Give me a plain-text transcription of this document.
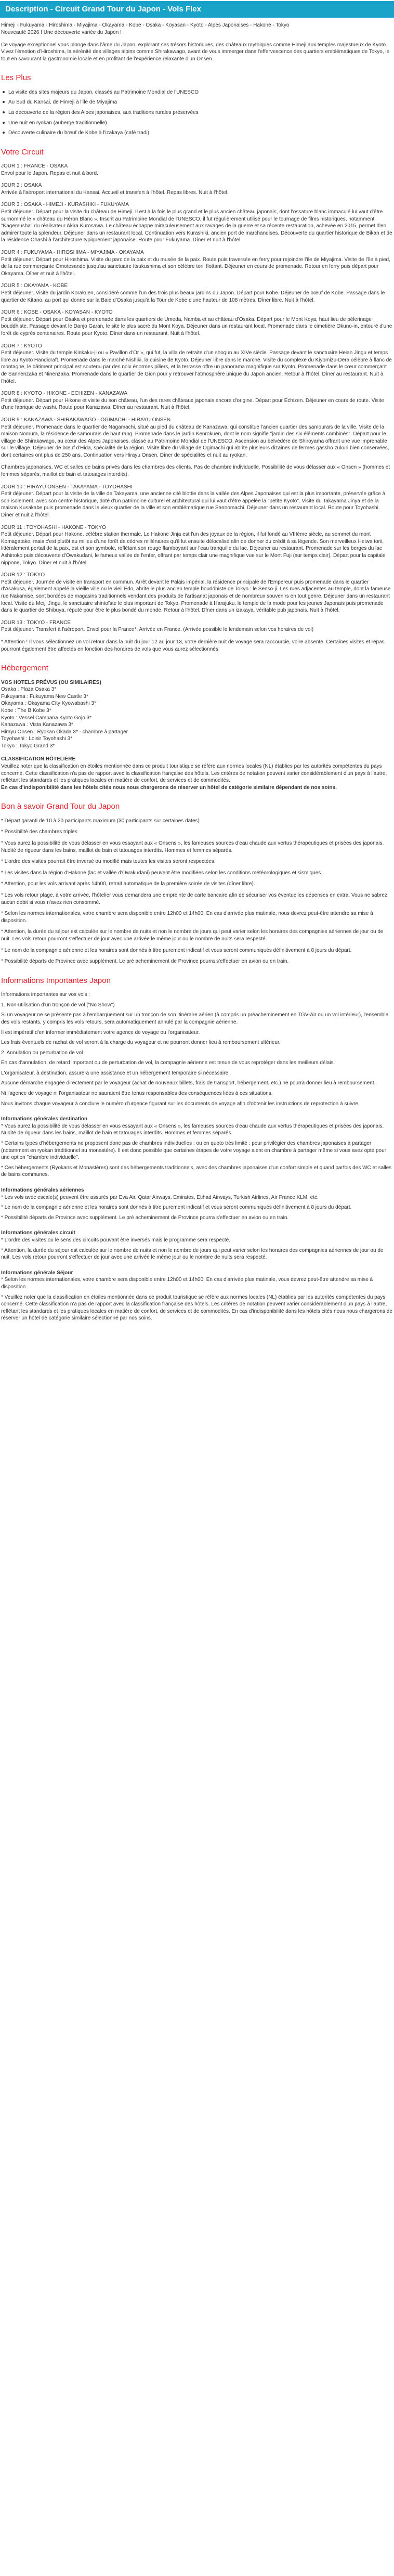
Description - Circuit Grand Tour du Japon - Vols Flex

Himeji - Fukuyama - Hiroshima - Miyajima - Okayama - Kobe - Osaka - Koyasan - Kyoto - Alpes Japonaises - Hakone - Tokyo

Nouveauté 2026 ! Une découverte variée du Japon !

Ce voyage exceptionnel vous plonge dans l'âme du Japon, explorant ses trésors historiques, des châteaux mythiques comme Himeji aux temples majestueux de Kyoto. Vivez l'émotion d'Hiroshima, la sérénité des villages alpins comme Shirakawago, avant de vous immerger dans l'effervescence des quartiers emblématiques de Tokyo, le tout en savourant la gastronomie locale et en profitant de l'expérience relaxante d'un Onsen.

Les Plus
La visite des sites majeurs du Japon, classés au Patrimoine Mondial de l'UNESCO
Au Sud du Kansai, de Himeji à l'île de Miyajima
La découverte de la région des Alpes japonaises, aux traditions rurales préservées
Une nuit en ryokan (auberge traditionnelle)
Découverte culinaire du bœuf de Kobe à l'izakaya (café tradi)
Votre Circuit
JOUR 1 : FRANCE - OSAKA
Envol pour le Japon. Repas et nuit à bord.
JOUR 2 : OSAKA
Arrivée à l'aéroport international du Kansai. Accueil et transfert à l'hôtel. Repas libres. Nuit à l'hôtel.
JOUR 3 : OSAKA - HIMEJI - KURASHIKI - FUKUYAMA
Petit déjeuner. Départ pour la visite du château de Himeji. Il est à la fois le plus grand et le plus ancien château japonais, dont l'ossature blanc immaculé lui vaut d'être surnommé le « château du Héron Blanc ». Inscrit au Patrimoine Mondial de l'UNESCO, il fut régulièrement utilisé pour le tournage de films historiques, notamment "Kagemusha" du réalisateur Akira Kurosawa. Le château échappe miraculeusement aux ravages de la guerre et sa récente restauration, achevée en 2015, permet d'en admirer toute la splendeur. Déjeuner dans un restaurant local. Continuation vers Kurashiki, ancien port de marchandises. Découverte du quartier historique de Bikan et de la résidence Ohashi à l'architecture typiquement japonaise. Route pour Fukuyama. Dîner et nuit à l'hôtel.
JOUR 4 : FUKUYAMA - HIROSHIMA - MIYAJIMA - OKAYAMA
Petit déjeuner. Départ pour Hiroshima. Visite du parc de la paix et du musée de la paix. Route puis traversée en ferry pour rejoindre l'île de Miyajima. Visite de l'île à pied, de la rue commerçante Omotesando jusqu'au sanctuaire Itsukushima et son célèbre torii flottant. Déjeuner en cours de promenade. Retour en ferry puis départ pour Okayama. Dîner et nuit à l'hôtel.
JOUR 5 : OKAYAMA - KOBE
Petit déjeuner. Visite du jardin Korakuen, considéré comme l'un des trois plus beaux jardins du Japon. Départ pour Kobe. Déjeuner de bœuf de Kobe. Passage dans le quartier de Kitano, au port qui donne sur la Baie d'Osaka jusqu'à la Tour de Kobe d'une hauteur de 108 mètres. Dîner libre. Nuit à l'hôtel.
JOUR 6 : KOBE - OSAKA - KOYASAN - KYOTO
Petit déjeuner. Départ pour Osaka et promenade dans les quartiers de Umeda, Namba et au château d'Osaka. Départ pour le Mont Koya, haut lieu de pèlerinage bouddhiste. Passage devant le Danjo Garan, le site le plus sacré du Mont Koya. Déjeuner dans un restaurant local. Promenade dans le cimetière Okuno-in, entouré d'une forêt de cyprès centenaires. Route pour Kyoto. Dîner dans un restaurant. Nuit à l'hôtel.
JOUR 7 : KYOTO
Petit déjeuner. Visite du temple Kinkaku-ji ou « Pavillon d'Or », qui fut, la villa de retraite d'un shogun au XIVe siècle. Passage devant le sanctuaire Heian Jingu et temps libre au Kyoto Handicraft. Promenade dans le marché Nishiki, la cuisine de Kyoto. Déjeuner libre dans le marché. Visite du complexe du Kiyomizu-Dera célèbre à flanc de montagne, le bâtiment principal est soutenu par des noix énormes piliers, et la terrasse offre un panorama magnifique sur Kyoto. Promenade dans le cœur commerçant de Sannenzaka et Ninenzaka. Promenade dans le quartier de Gion pour y retrouver l'atmosphère unique du Japon ancien. Retour à l'hôtel. Dîner au restaurant. Nuit à l'hôtel.
JOUR 8 : KYOTO - HIKONE - ECHIZEN - KANAZAWA
Petit déjeuner. Départ pour Hikone et visite du son château, l'un des rares châteaux japonais encore d'origine. Départ pour Echizen. Déjeuner en cours de route. Visite d'une fabrique de washi. Route pour Kanazawa. Dîner au restaurant. Nuit à l'hôtel.
JOUR 9 : KANAZAWA - SHIRAKAWAGO - OGIMACHI - HIRAYU ONSEN
Petit déjeuner. Promenade dans le quartier de Nagamachi, situé au pied du château de Kanazawa, qui constitue l'ancien quartier des samouraïs de la ville. Visite de la maison Nomura, la résidence de samouraïs de haut rang. Promenade dans le jardin Kenrokuen, dont le nom signifie "jardin des six éléments combinés". Départ pour le village de Shirakawago, au cœur des Alpes Japonaises, classé au Patrimoine Mondial de l'UNESCO. Ascension au belvédère de Shiroyama offrant une vue imprenable sur le village. Déjeuner de bœuf d'Hida, spécialité de la région. Visite libre du village de Ogimachi qui abrite plusieurs dizaines de fermes gassho zukuri bien conservées, dont certaines ont plus de 250 ans. Continuation vers Hirayu Onsen. Dîner de spécialités et nuit au ryokan.
Chambres japonaises, WC et salles de bains privés dans les chambres des clients. Pas de chambre individuelle. Possibilité de vous délasser aux « Onsen » (hommes et femmes séparés, maillot de bain et tatouages interdits).
JOUR 10 : HIRAYU ONSEN - TAKAYAMA - TOYOHASHI
Petit déjeuner. Départ pour la visite de la ville de Takayama, une ancienne cité blottie dans la vallée des Alpes Japonaises qui est la plus importante, préservée grâce à son isolement, avec son centre historique, doté d'un patrimoine culturel et architectural qui lui vaut d'être appelée la "petite Kyoto". Visite du Takayama Jinya et de la maison Kusakabe puis promenade dans le vieux quartier de la ville et son emblématique rue Sannomachi. Déjeuner dans un restaurant local. Route pour Toyohashi. Dîner et nuit à l'hôtel.
JOUR 11 : TOYOHASHI - HAKONE - TOKYO
Petit déjeuner. Départ pour Hakone, célèbre station thermale. Le Hakone Jinja est l'un des joyaux de la région, il fut fondé au VIIIème siècle, au sommet du mont Komagatake, mais c'est plutôt au milieu d'une forêt de cèdres millénaires qu'il fut ensuite délocalisé afin de donner du crédit à sa légende. Son merveilleux Heiwa torii, littéralement portail de la paix, est et son symbole, reflétant son rouge flamboyant sur l'eau tranquille du lac. Déjeuner au restaurant. Promenade sur les berges du lac Ashinoko puis découverte d'Owakudani, le fameux vallée de l'enfer, offrant par temps clair une magnifique vue sur le Mont Fuji (sur temps clair). Départ pour la capitale nippone, Tokyo. Dîner et nuit à l'hôtel.
JOUR 12 : TOKYO
Petit déjeuner. Journée de visite en transport en commun. Arrêt devant le Palais impérial, la résidence principale de l'Empereur puis promenade dans le quartier d'Asakusa, également appelé la vieille ville ou le vieil Edo, abrite le plus ancien temple bouddhiste de Tokyo : le Senso-ji. Les rues adjacentes au temple, dont la fameuse rue Nakamise, sont bordées de magasins traditionnels vendant des produits de l'artisanat japonais et de nombreux souvenirs en tout genre. Déjeuner dans un restaurant local. Visite du Meiji Jingu, le sanctuaire shintoïste le plus important de Tokyo. Promenade à Harajuku, le temple de la mode pour les jeunes Japonais puis promenade dans le quartier de Shibuya, réputé pour être le plus bondé du monde. Retour à l'hôtel. Dîner dans un izakaya, véritable pub japonais. Nuit à l'hôtel.
JOUR 13 : TOKYO - FRANCE
Petit déjeuner. Transfert à l'aéroport. Envol pour la France*. Arrivée en France. (Arrivée possible le lendemain selon vos horaires de vol)

* Attention ! Il vous sélectionnez un vol retour dans la nuit du jour 12 au jour 13, votre dernière nuit de voyage sera raccourcie, voire absente. Certaines visites et repas pourront également être affectés en fonction des horaires de vols que vous aurez sélectionnés.

Hébergement

VOS HOTELS PRÉVUS (OU SIMILAIRES)

Osaka : Plaza Osaka 3*

Fukuyama : Fukuyama New Castle 3*

Okayama : Okayama City Kyowabashi 3*

Kobe : The B Kobe 3*

Kyoto : Vessel Campana Kyoto Gojo 3*

Kanazawa : Vista Kanazawa 3*

Hirayu Onsen : Ryokan Okada 3* - chambre à partager

Toyohashi : Loisir Toyohashi 3*

Tokyo : Tokyo Grand 3*

CLASSIFICATION HÔTELIÈRE

Veuillez noter que la classification en étoiles mentionnée dans ce produit touristique se réfère aux normes locales (NL) établies par les autorités compétentes du pays concerné. Cette classification n'a pas de rapport avec la classification française des hôtels. Les critères de notation peuvent varier considérablement d'un pays à l'autre, reflétant les standards et les pratiques locales en matière de confort, de services et de commodités.

En cas d'indisponibilité dans les hôtels cités nous nous chargerons de réserver un hôtel de catégorie similaire dépendant de nos soins.

Bon à savoir Grand Tour du Japon

* Départ garanti de 10 à 20 participants maximum (30 participants sur certaines dates)

* Possibilité des chambres triples

* Vous aurez la possibilité de vous délasser en vous essayant aux « Onsens », les fameuses sources d'eau chaude aux vertus thérapeutiques et prisées des japonais. Nudité de rigueur dans les bains, maillot de bain et tatouages interdits. Hommes et femmes séparés.

* L'ordre des visites pourrait être inversé ou modifié mais toutes les visites seront respectées.

* Les visites dans la région d'Hakone (lac et vallée d'Owakudani) peuvent être modifiées selon les conditions météorologiques et sismiques.

* Attention, pour les vols arrivant après 14h00, retrait automatique de la première soirée de visites (dîner libre).

* Les vols retour plage, à votre arrivée, l'hôtelier vous demandera une empreinte de carte bancaire afin de sécuriser vos éventuelles dépenses en extra. Vous ne sabrez aucun débit si vous n'avez rien consommé.

* Selon les normes internationales, votre chambre sera disponible entre 12h00 et 14h00. En cas d'arrivée plus matinale, nous devrez peut-être attendre sa mise à disposition.

* Attention, la durée du séjour est calculée sur le nombre de nuits et non le nombre de jours qui peut varier selon les horaires des compagnies aériennes de jour ou de nuit. Les vols retour pourront s'effectuer de jour avec une arrivée le même jour ou le nombre de nuits sera respecté.

* Le nom de la compagnie aérienne et les horaires sont donnés à titre purement indicatif et vous seront communiqués définitivement à 8 jours du départ.

* Possibilité départs de Province avec supplément. Le pré acheminement de Province pourra s'effectuer en avion ou en train.

Informations Importantes Japon

Informations importantes sur vos vols :

1. Non-utilisation d'un tronçon de vol ("No Show")

Si un voyageur ne se présente pas à l'embarquement sur un tronçon de son itinéraire aérien (à compris un préacheminement en TGV-Air ou un vol intérieur), l'ensemble des vols restants, y compris les vols retours, sera automatiquement annulé par la compagnie aérienne.

Il est impératif d'en informer immédiatement votre agence de voyage ou l'organisateur.

Les frais éventuels de rachat de vol seront à la charge du voyageur et ne pourront donner lieu à remboursement ultérieur.

2. Annulation ou perturbation de vol

En cas d'annulation, de retard important ou de perturbation de vol, la compagnie aérienne est tenue de vous reprotéger dans les meilleurs délais.

L'organisateur, à destination, assurera une assistance et un hébergement temporaire si nécessaire.

Aucune démarche engagée directement par le voyageur (achat de nouveaux billets, frais de transport, hébergement, etc.) ne pourra donner lieu à remboursement.

Ni l'agence de voyage ni l'organisateur ne sauraient être tenus responsables des conséquences liées à ces situations.

Nous invitons chaque voyageur à conclure le numéro d'urgence figurant sur les documents de voyage afin d'obtenir les instructions de reprotection à suivre.

Informations générales destination

* Vous aurez la possibilité de vous délasser en vous essayant aux « Onsens », les fameuses sources d'eau chaude aux vertus thérapeutiques et prisées des japonais. Nudité de rigueur dans les bains, maillot de bain et tatouages interdits. Hommes et femmes séparés.

* Certains types d'hébergements ne proposent donc pas de chambres individuelles : ou en quoto très limité : pour privilégier des chambres japonaises à partager (notamment en ryokan traditionnel au monastère). Il est donc possible que certaines étapes de votre voyage aient en chambre à partager même si vous avez opté pour une option "chambre individuelle".

* Ces hébergements (Ryokans et Monastères) sont des hébergements traditionnels, avec des chambres japonaises d'un confort simple et quand parfois des WC et salles de bains communes.

Informations générales aériennes

* Les vols avec escale(s) peuvent être assurés par Eva Air, Qatar Airways, Emirates, Etihad Airways, Turkish Airlines, Air France KLM, etc.

* Le nom de la compagnie aérienne et les horaires sont donnés à titre purement indicatif et vous seront communiqués définitivement à 8 jours du départ.

* Possibilité départs de Province avec supplément. Le pré acheminement de Province pourra s'effectuer en avion ou en train.

Informations générales circuit

* L'ordre des visites ou le sens des circuits pouvant être inversés mais le programme sera respecté.

* Attention, la durée du séjour est calculée sur le nombre de nuits et non le nombre de jours qui peut varier selon les horaires des compagnies aériennes de jour ou de nuit. Les vols retour pourront s'effectuer de jour avec une arrivée le même jour ou le nombre de nuits sera respecté.

Informations générale Séjour

* Selon les normes internationales, votre chambre sera disponible entre 12h00 et 14h00. En cas d'arrivée plus matinale, vous devrez peut-être attendre sa mise à disposition.

* Veuillez noter que la classification en étoiles mentionnée dans ce produit touristique se réfère aux normes locales (NL) établies par les autorités compétentes du pays concerné. Cette classification n'a pas de rapport avec la classification française des hôtels. Les critères de notation peuvent varier considérablement d'un pays à l'autre, reflétant les standards et les pratiques locales en matière de confort, de services et de commodités. En cas d'indisponibilité dans les hôtels cités nous nous chargerons de réserver un hôtel de catégorie similaire sélectionné par nos soins.
